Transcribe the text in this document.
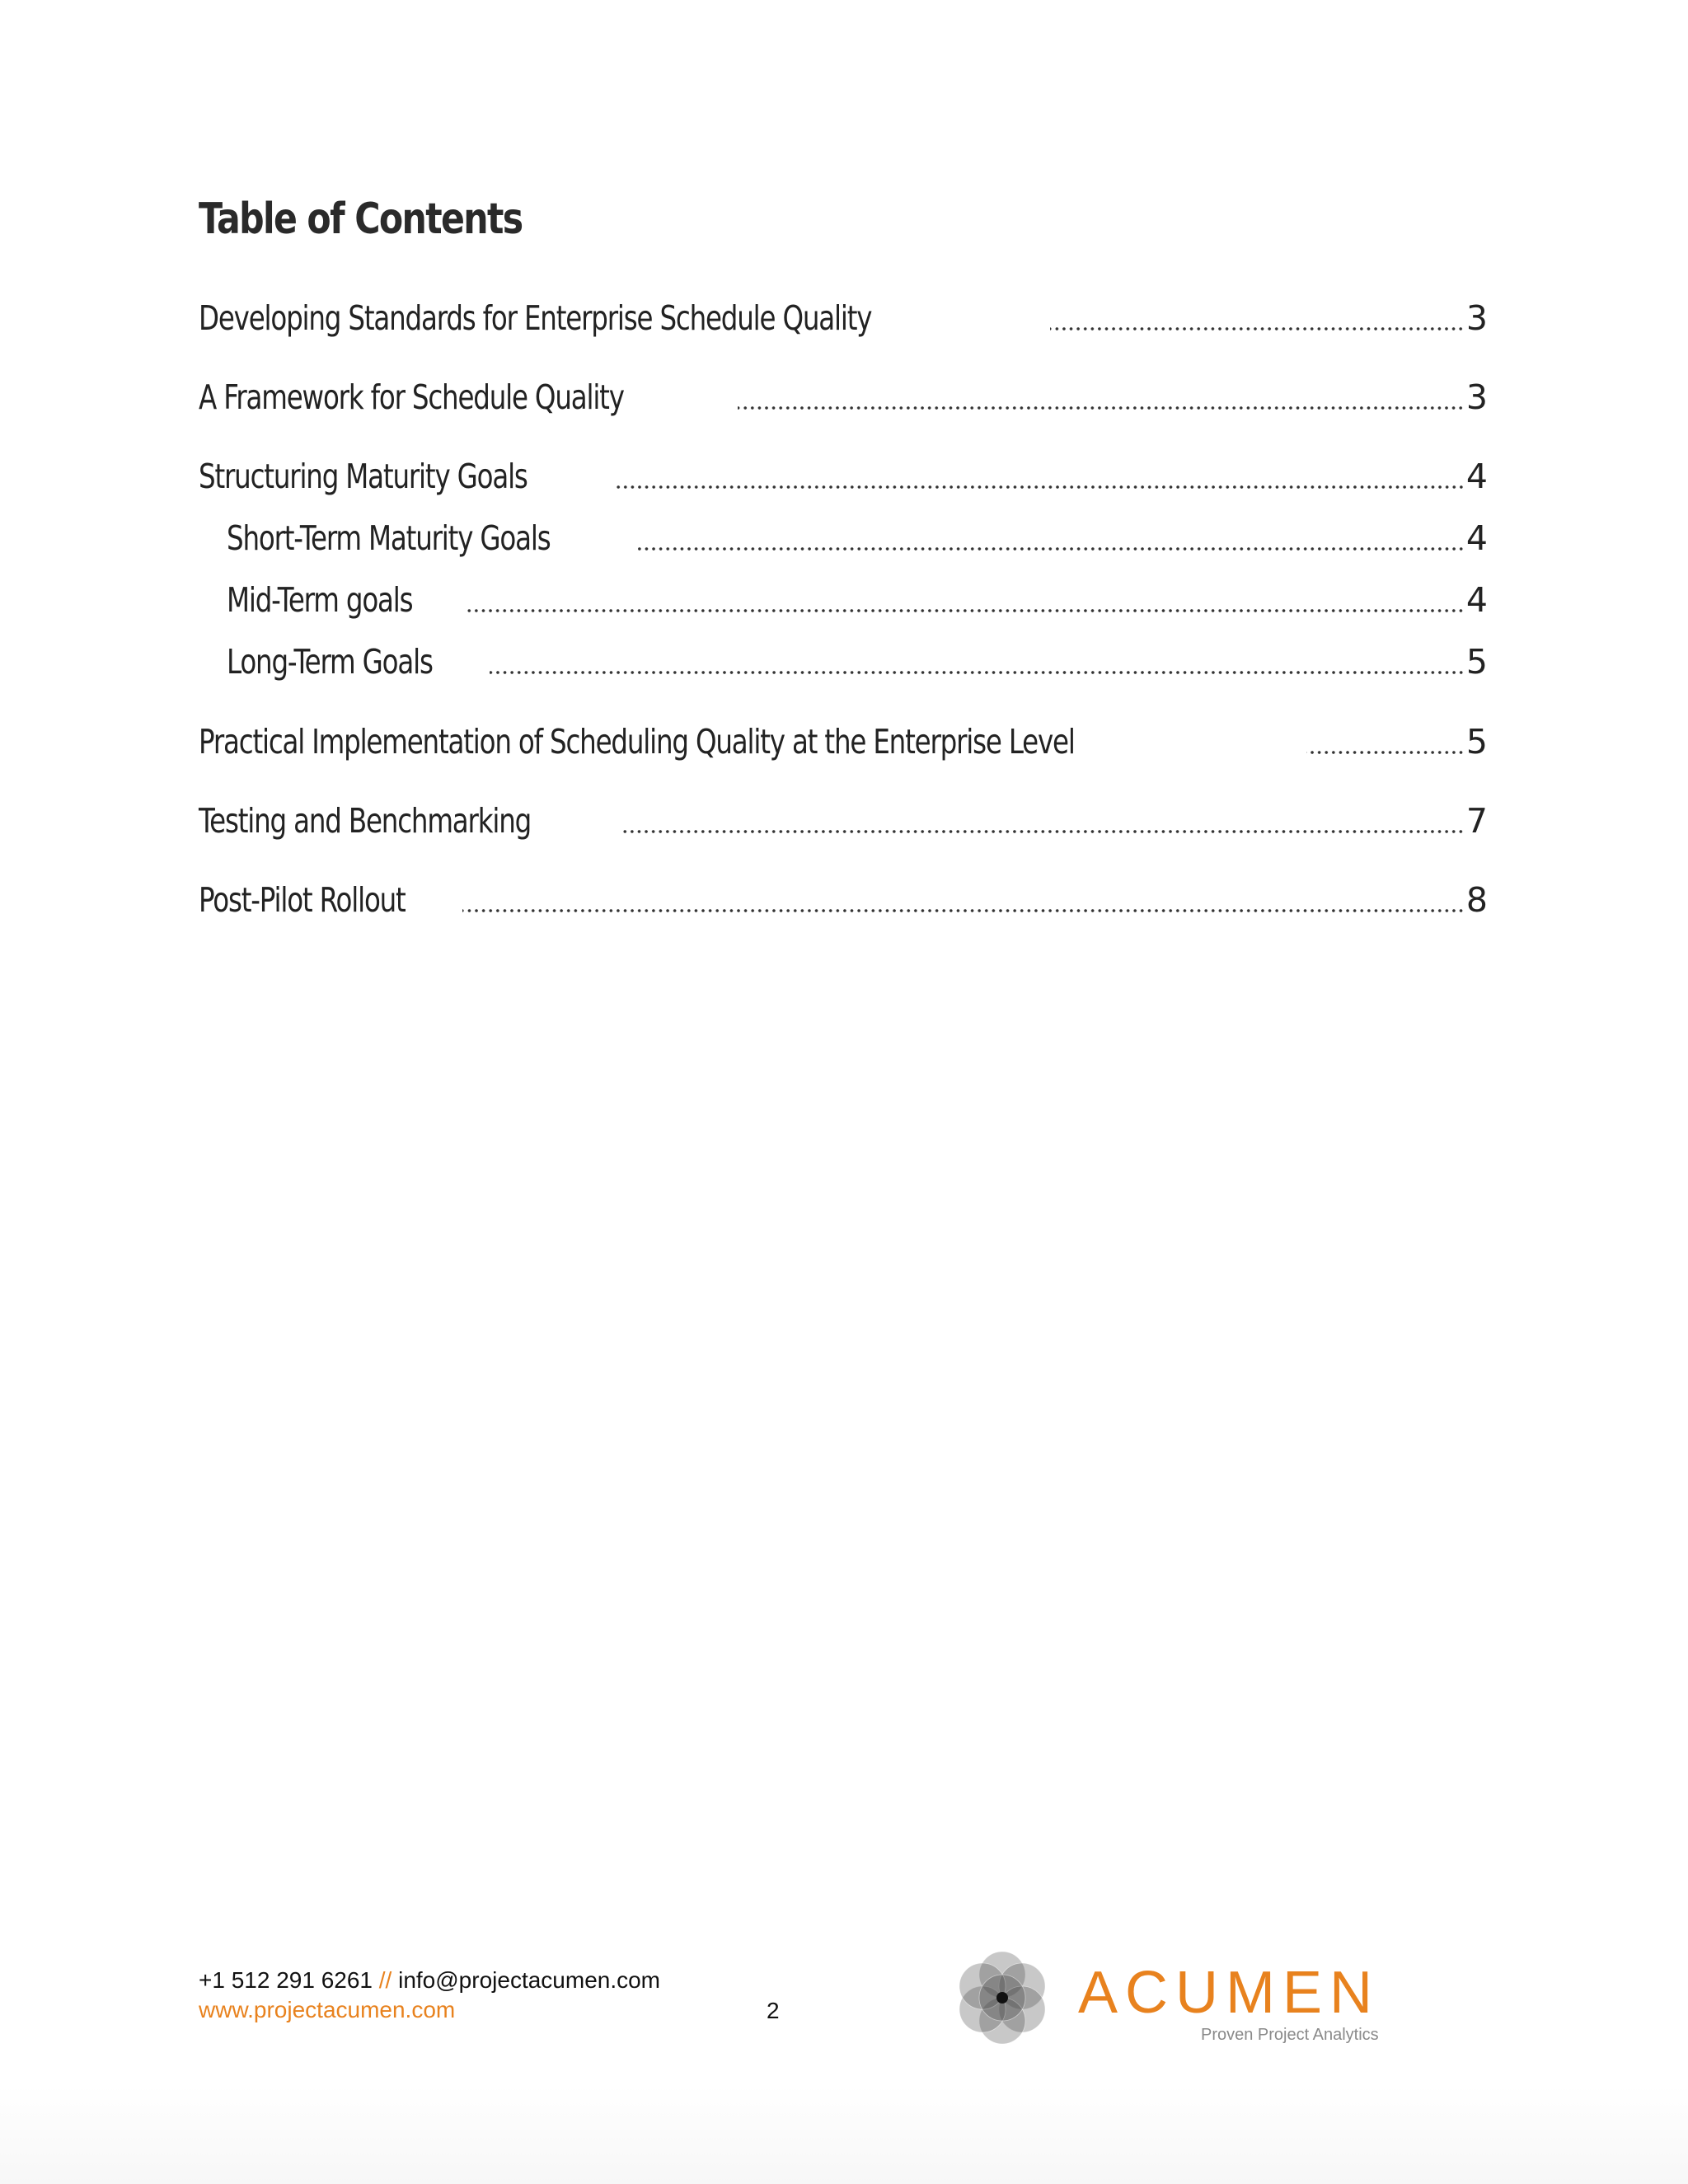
Table of Contents
Developing Standards for Enterprise Schedule Quality	3
A Framework for Schedule Quality	3
Structuring Maturity Goals	4
Short-Term Maturity Goals	4
Mid-Term goals	4
Long-Term Goals	5
Practical Implementation of Scheduling Quality at the Enterprise Level	5
Testing and Benchmarking	7
Post-Pilot Rollout	8
+1 512 291 6261 // info@projectacumen.com
www.projectacumen.com	2	ACUMEN
Proven Project Analytics
